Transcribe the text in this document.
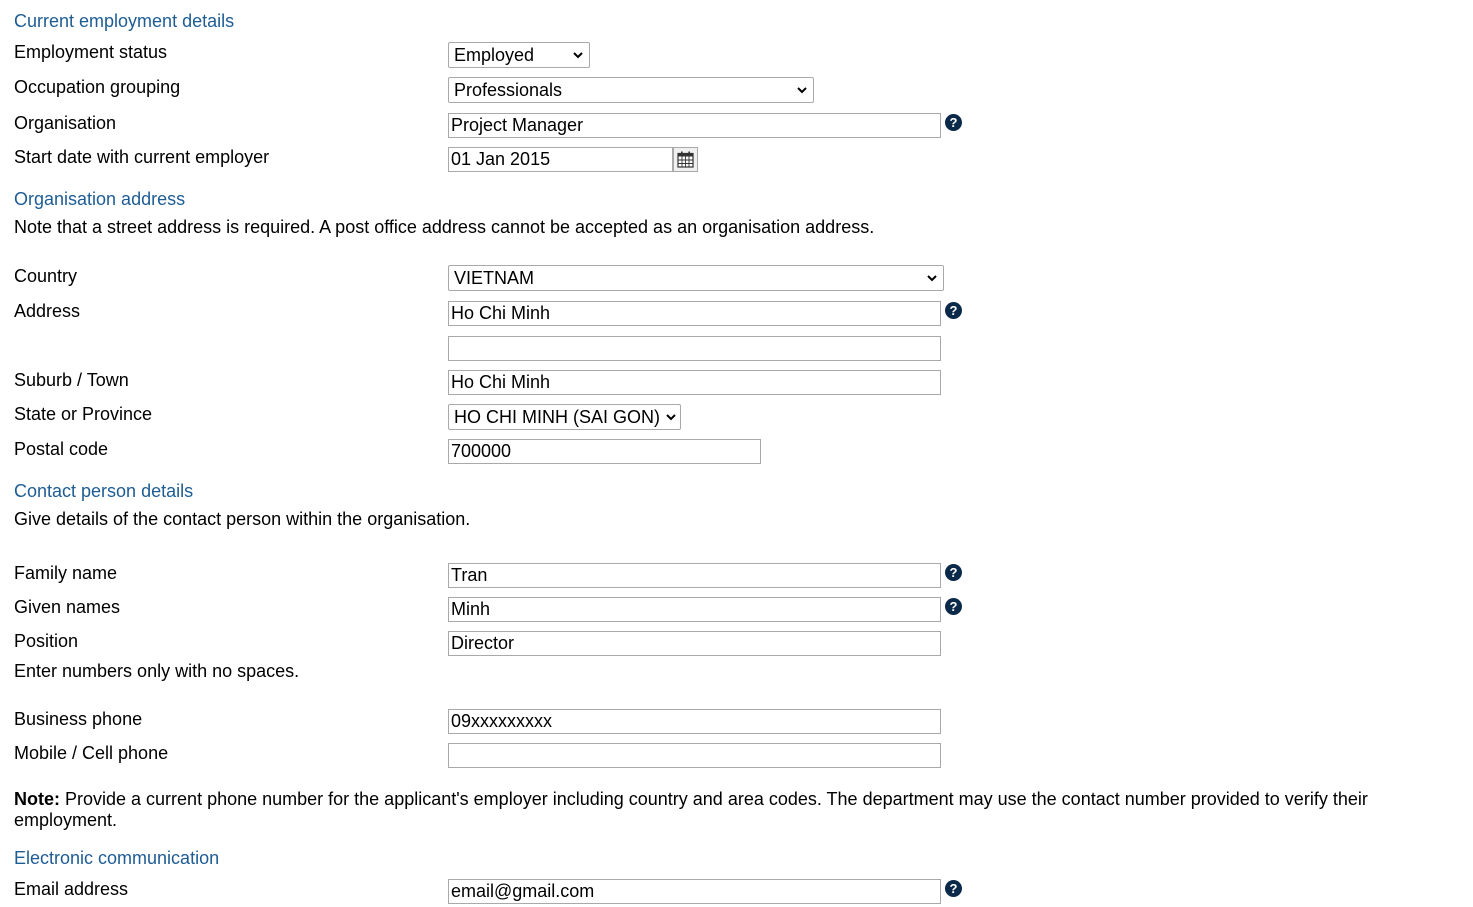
Current employment details
Employment status	Employed
Occupation grouping	Professionals
Organisation	Project Manager	?
Start date with current employer	01 Jan 2015
Organisation address
Note that a street address is required. A post office address cannot be accepted as an organisation address.
Country	VIETNAM
Address	Ho Chi Minh	?
Suburb / Town	Ho Chi Minh
State or Province	HO CHI MINH (SAI GON)
Postal code	700000
Contact person details
Give details of the contact person within the organisation.
Family name	Tran	?
Given names	Minh	?
Position	Director
Enter numbers only with no spaces.
Business phone	09xxxxxxxxx
Mobile / Cell phone
Note: Provide a current phone number for the applicant's employer including country and area codes. The department may use the contact number provided to verify their employment.
Electronic communication
Email address	email@gmail.com	?
